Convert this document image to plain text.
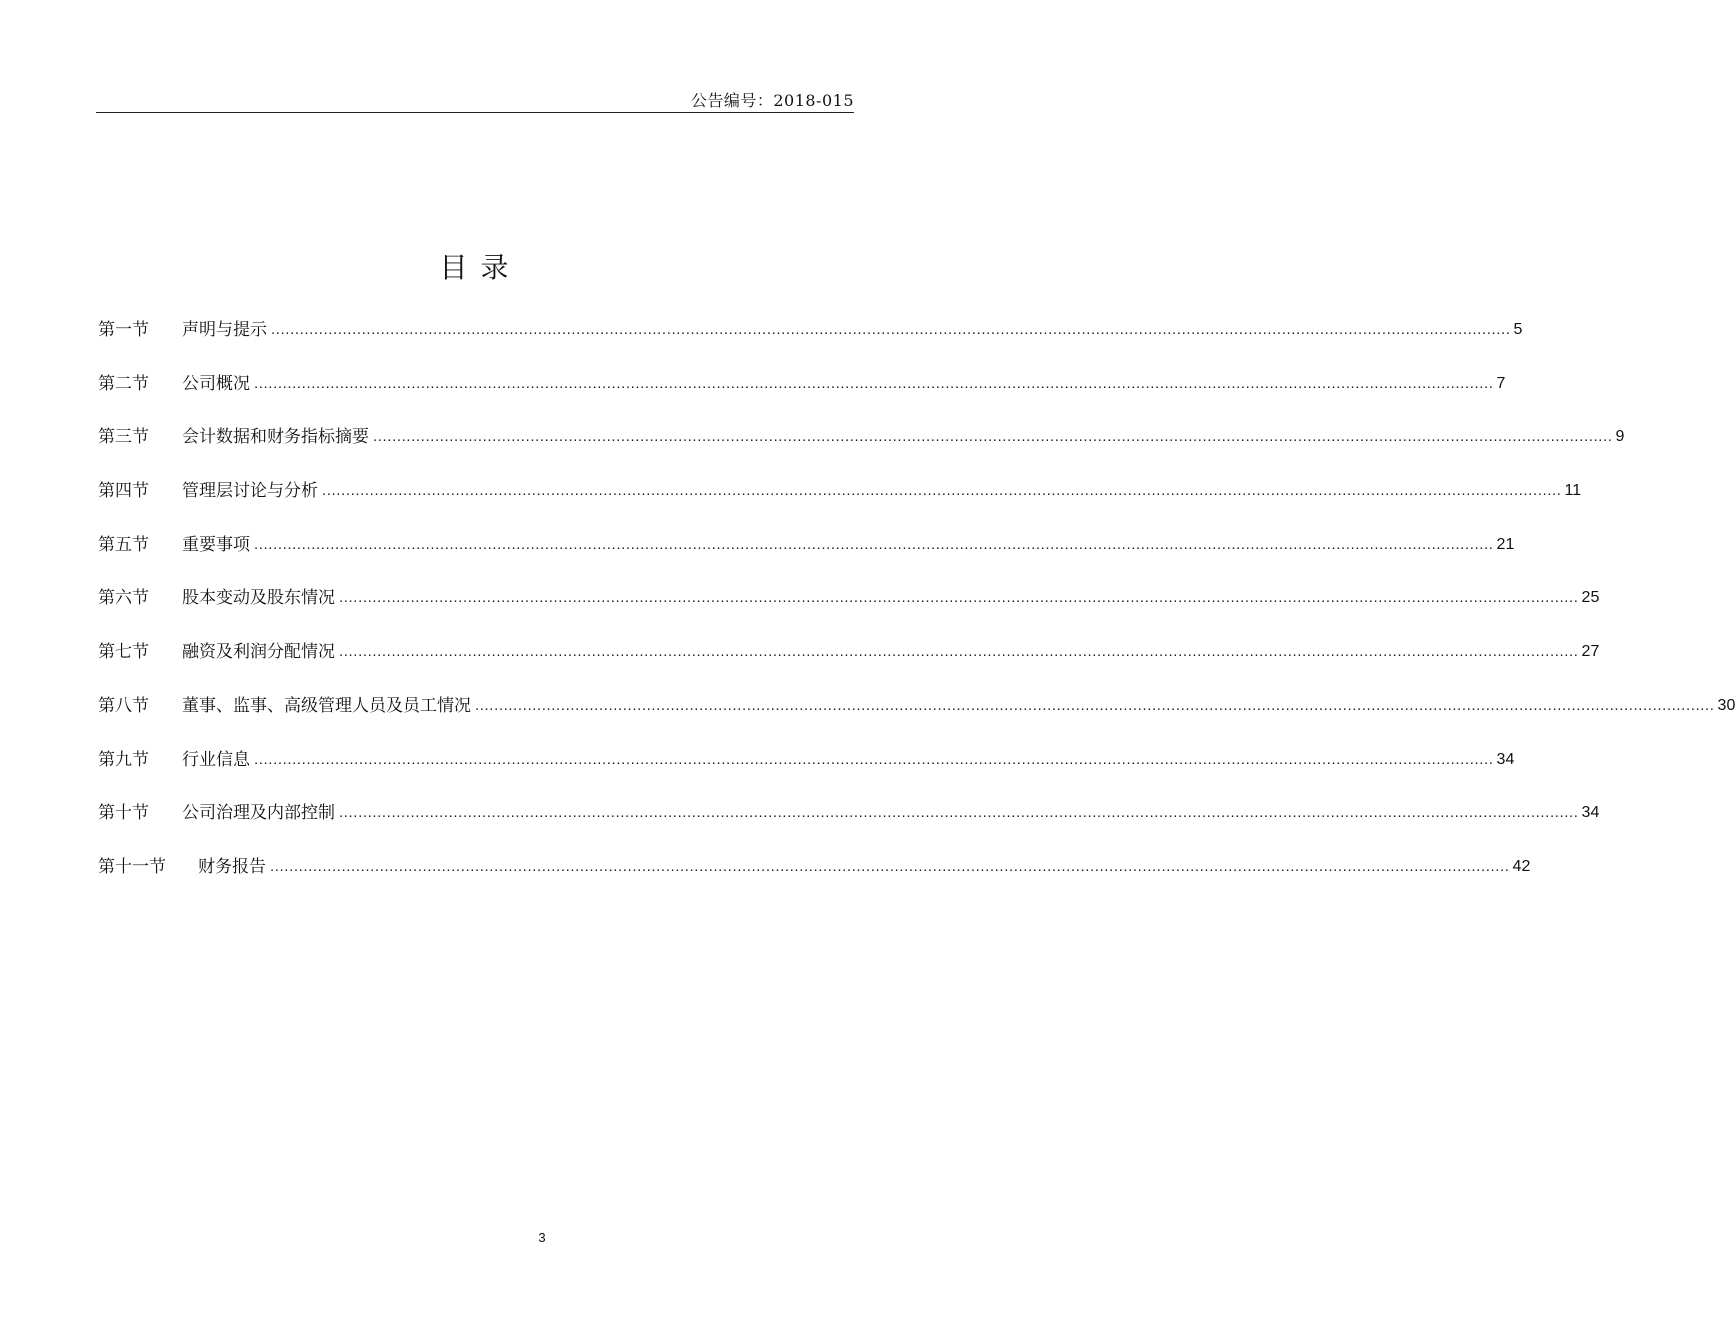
公告编号：2018-015
目 录
第一节	声明与提示 .................................................................................................................................................................................................................................................................... 5
第二节	公司概况 .................................................................................................................................................................................................................................................................... 7
第三节	会计数据和财务指标摘要 .................................................................................................................................................................................................................................................................... 9
第四节	管理层讨论与分析 .................................................................................................................................................................................................................................................................... 11
第五节	重要事项 .................................................................................................................................................................................................................................................................... 21
第六节	股本变动及股东情况 .................................................................................................................................................................................................................................................................... 25
第七节	融资及利润分配情况 .................................................................................................................................................................................................................................................................... 27
第八节	董事、监事、高级管理人员及员工情况 .................................................................................................................................................................................................................................................................... 30
第九节	行业信息 .................................................................................................................................................................................................................................................................... 34
第十节	公司治理及内部控制 .................................................................................................................................................................................................................................................................... 34
第十一节	财务报告 .................................................................................................................................................................................................................................................................... 42
3
